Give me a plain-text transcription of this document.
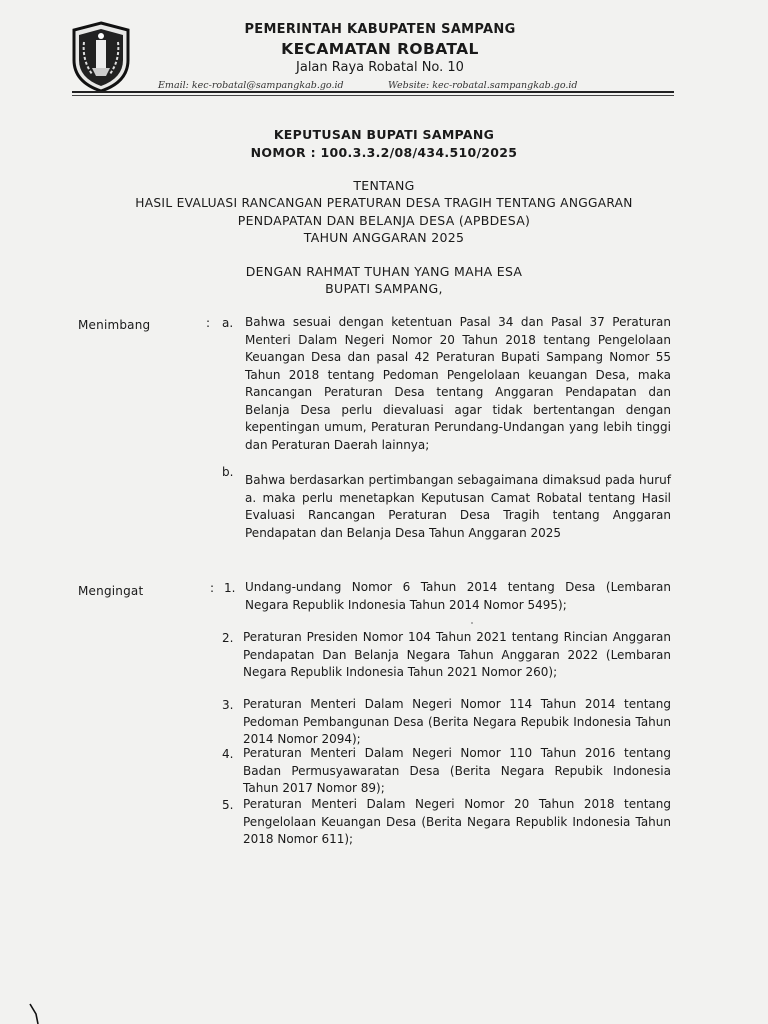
PEMERINTAH KABUPATEN SAMPANG
KECAMATAN ROBATAL
Jalan Raya Robatal No. 10
Email: kec-robatal@sampangkab.go.id	Website: kec-robatal.sampangkab.go.id
KEPUTUSAN BUPATI SAMPANG
NOMOR : 100.3.3.2/08/434.510/2025
TENTANG
HASIL EVALUASI RANCANGAN PERATURAN DESA TRAGIH TENTANG ANGGARAN
PENDAPATAN DAN BELANJA DESA (APBDESA)
TAHUN ANGGARAN 2025
DENGAN RAHMAT TUHAN YANG MAHA ESA
BUPATI SAMPANG,
Menimbang	: a. Bahwa sesuai dengan ketentuan Pasal 34 dan Pasal 37 Peraturan Menteri Dalam Negeri Nomor 20 Tahun 2018 tentang Pengelolaan Keuangan Desa dan pasal 42 Peraturan Bupati Sampang Nomor 55 Tahun 2018 tentang Pedoman Pengelolaan keuangan Desa, maka Rancangan Peraturan Desa tentang Anggaran Pendapatan dan Belanja Desa perlu dievaluasi agar tidak bertentangan dengan kepentingan umum, Peraturan Perundang-Undangan yang lebih tinggi dan Peraturan Daerah lainnya;
b.
Bahwa berdasarkan pertimbangan sebagaimana dimaksud pada huruf a. maka perlu menetapkan Keputusan Camat Robatal tentang Hasil Evaluasi Rancangan Peraturan Desa Tragih tentang Anggaran Pendapatan dan Belanja Desa Tahun Anggaran 2025
Mengingat	: 1. Undang-undang Nomor 6 Tahun 2014 tentang Desa (Lembaran Negara Republik Indonesia Tahun 2014 Nomor 5495);
2. Peraturan Presiden Nomor 104 Tahun 2021 tentang Rincian Anggaran Pendapatan Dan Belanja Negara Tahun Anggaran 2022 (Lembaran Negara Republik Indonesia Tahun 2021 Nomor 260);
3. Peraturan Menteri Dalam Negeri Nomor 114 Tahun 2014 tentang Pedoman Pembangunan Desa (Berita Negara Repubik Indonesia Tahun 2014 Nomor 2094);
4. Peraturan Menteri Dalam Negeri Nomor 110 Tahun 2016 tentang Badan Permusyawaratan Desa (Berita Negara Repubik Indonesia Tahun 2017 Nomor 89);
5. Peraturan Menteri Dalam Negeri Nomor 20 Tahun 2018 tentang Pengelolaan Keuangan Desa (Berita Negara Republik Indonesia Tahun 2018 Nomor 611);
